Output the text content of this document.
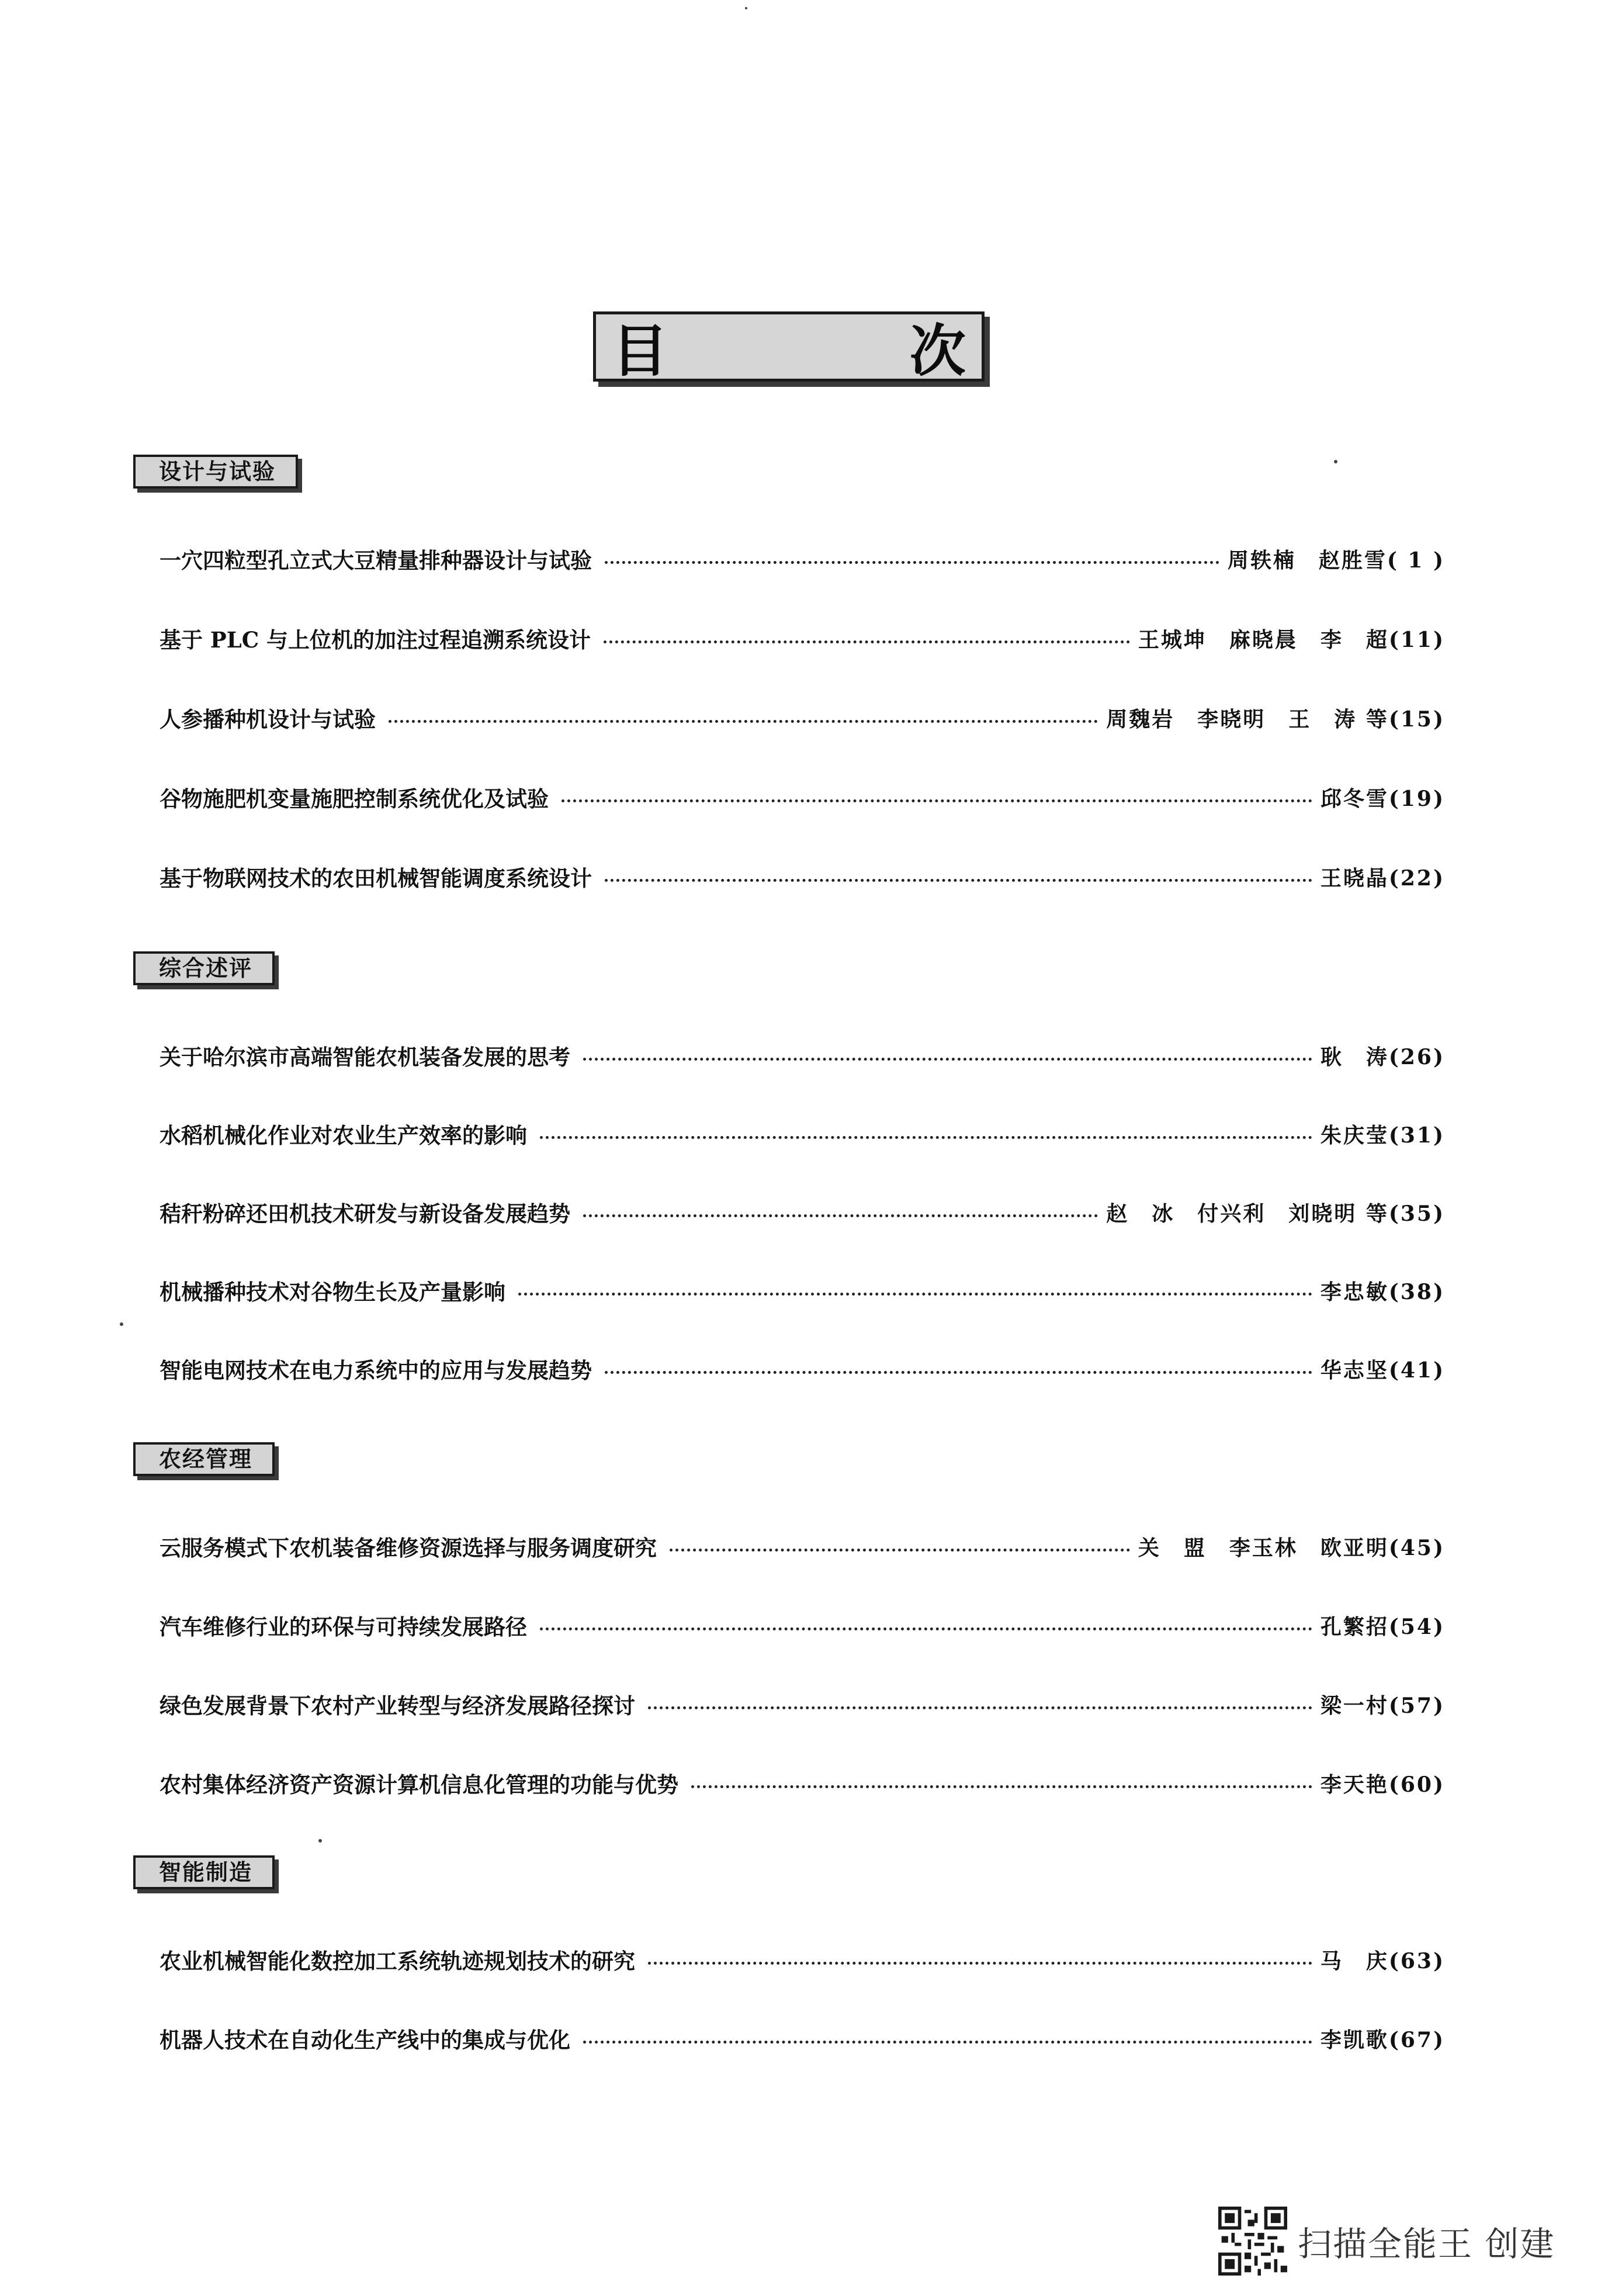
目 次
设计与试验
一穴四粒型孔立式大豆精量排种器设计与试验	周轶楠　赵胜雪( 1 )
基于 PLC 与上位机的加注过程追溯系统设计	王城坤　麻晓晨　李　超(11)
人参播种机设计与试验	周魏岩　李晓明　王　涛 等(15)
谷物施肥机变量施肥控制系统优化及试验	邱冬雪(19)
基于物联网技术的农田机械智能调度系统设计	王晓晶(22)
综合述评
关于哈尔滨市高端智能农机装备发展的思考	耿　涛(26)
水稻机械化作业对农业生产效率的影响	朱庆莹(31)
秸秆粉碎还田机技术研发与新设备发展趋势	赵　冰　付兴利　刘晓明 等(35)
机械播种技术对谷物生长及产量影响	李忠敏(38)
智能电网技术在电力系统中的应用与发展趋势	华志坚(41)
农经管理
云服务模式下农机装备维修资源选择与服务调度研究	关　盟　李玉林　欧亚明(45)
汽车维修行业的环保与可持续发展路径	孔繁招(54)
绿色发展背景下农村产业转型与经济发展路径探讨	梁一村(57)
农村集体经济资产资源计算机信息化管理的功能与优势	李天艳(60)
智能制造
农业机械智能化数控加工系统轨迹规划技术的研究	马　庆(63)
机器人技术在自动化生产线中的集成与优化	李凯歌(67)
扫描全能王 创建
